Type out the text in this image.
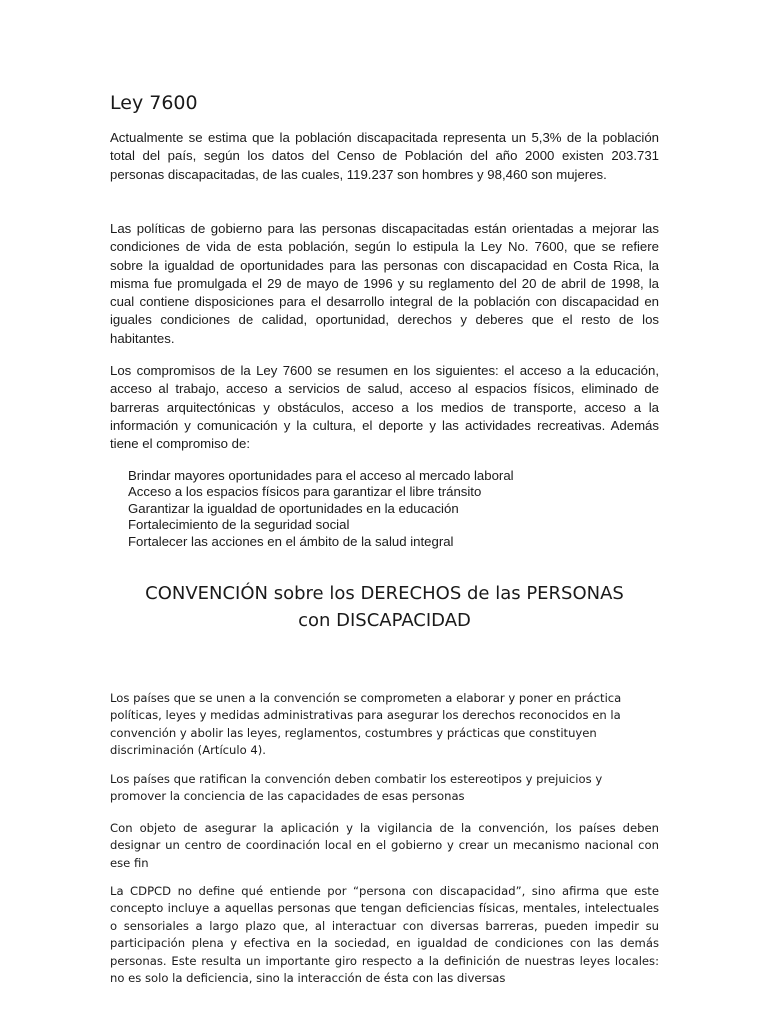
Ley 7600

Actualmente se estima que la población discapacitada representa un 5,3% de la población total del país, según los datos del Censo de Población del año 2000 existen 203.731 personas discapacitadas, de las cuales, 119.237 son hombres y 98,460 son mujeres.

Las políticas de gobierno para las personas discapacitadas están orientadas a mejorar las condiciones de vida de esta población, según lo estipula la Ley No. 7600, que se refiere sobre la igualdad de oportunidades para las personas con discapacidad en Costa Rica, la misma fue promulgada el 29 de mayo de 1996 y su reglamento del 20 de abril de 1998, la cual contiene disposiciones para el desarrollo integral de la población con discapacidad en iguales condiciones de calidad, oportunidad, derechos y deberes que el resto de los habitantes.

Los compromisos de la Ley 7600 se resumen en los siguientes: el acceso a la educación, acceso al trabajo, acceso a servicios de salud, acceso al espacios físicos, eliminado de barreras arquitectónicas y obstáculos, acceso a los medios de transporte, acceso a la información y comunicación y la cultura, el deporte y las actividades recreativas. Además tiene el compromiso de:

Brindar mayores oportunidades para el acceso al mercado laboral
Acceso a los espacios físicos para garantizar el libre tránsito
Garantizar la igualdad de oportunidades en la educación
Fortalecimiento de la seguridad social
Fortalecer las acciones en el ámbito de la salud integral
CONVENCIÓN sobre los DERECHOS de las PERSONAS
con DISCAPACIDAD

Los países que se unen a la convención se comprometen a elaborar y poner en práctica políticas, leyes y medidas administrativas para asegurar los derechos reconocidos en la convención y abolir las leyes, reglamentos, costumbres y prácticas que constituyen discriminación (Artículo 4).

Los países que ratifican la convención deben combatir los estereotipos y prejuicios y promover la conciencia de las capacidades de esas personas

Con objeto de asegurar la aplicación y la vigilancia de la convención, los países deben designar un centro de coordinación local en el gobierno y crear un mecanismo nacional con ese fin

La CDPCD no define qué entiende por “persona con discapacidad”, sino afirma que este concepto incluye a aquellas personas que tengan deficiencias físicas, mentales, intelectuales o sensoriales a largo plazo que, al interactuar con diversas barreras, pueden impedir su participación plena y efectiva en la sociedad, en igualdad de condiciones con las demás personas. Este resulta un importante giro respecto a la definición de nuestras leyes locales: no es solo la deficiencia, sino la interacción de ésta con las diversas
